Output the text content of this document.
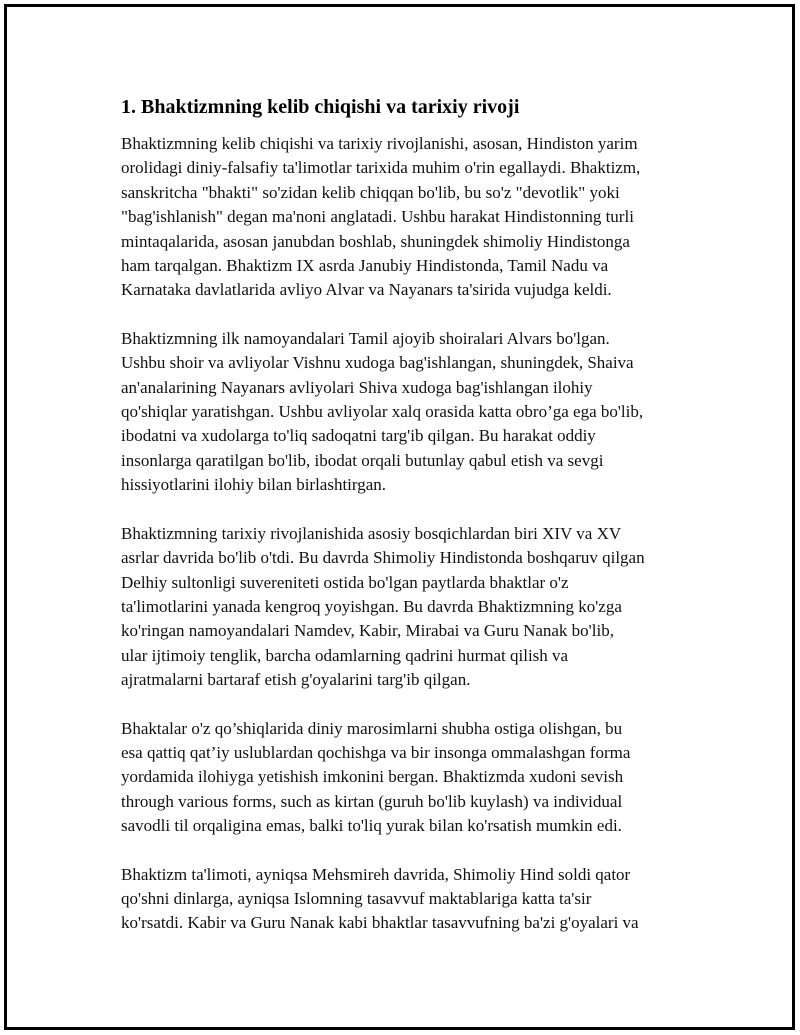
1. Bhaktizmning kelib chiqishi va tarixiy rivoji

Bhaktizmning kelib chiqishi va tarixiy rivojlanishi, asosan, Hindiston yarim
orolidagi diniy-falsafiy ta'limotlar tarixida muhim o'rin egallaydi. Bhaktizm,
sanskritcha "bhakti" so'zidan kelib chiqqan bo'lib, bu so'z "devotlik" yoki
"bag'ishlanish" degan ma'noni anglatadi. Ushbu harakat Hindistonning turli
mintaqalarida, asosan janubdan boshlab, shuningdek shimoliy Hindistonga
ham tarqalgan. Bhaktizm IX asrda Janubiy Hindistonda, Tamil Nadu va
Karnataka davlatlarida avliyo Alvar va Nayanars ta'sirida vujudga keldi.

Bhaktizmning ilk namoyandalari Tamil ajoyib shoiralari Alvars bo'lgan.
Ushbu shoir va avliyolar Vishnu xudoga bag'ishlangan, shuningdek, Shaiva
an'analarining Nayanars avliyolari Shiva xudoga bag'ishlangan ilohiy
qo'shiqlar yaratishgan. Ushbu avliyolar xalq orasida katta obro’ga ega bo'lib,
ibodatni va xudolarga to'liq sadoqatni targ'ib qilgan. Bu harakat oddiy
insonlarga qaratilgan bo'lib, ibodat orqali butunlay qabul etish va sevgi
hissiyotlarini ilohiy bilan birlashtirgan.

Bhaktizmning tarixiy rivojlanishida asosiy bosqichlardan biri XIV va XV
asrlar davrida bo'lib o'tdi. Bu davrda Shimoliy Hindistonda boshqaruv qilgan
Delhiy sultonligi suvereniteti ostida bo'lgan paytlarda bhaktlar o'z
ta'limotlarini yanada kengroq yoyishgan. Bu davrda Bhaktizmning ko'zga
ko'ringan namoyandalari Namdev, Kabir, Mirabai va Guru Nanak bo'lib,
ular ijtimoiy tenglik, barcha odamlarning qadrini hurmat qilish va
ajratmalarni bartaraf etish g'oyalarini targ'ib qilgan.

Bhaktalar o'z qo’shiqlarida diniy marosimlarni shubha ostiga olishgan, bu
esa qattiq qat’iy uslublardan qochishga va bir insonga ommalashgan forma
yordamida ilohiyga yetishish imkonini bergan. Bhaktizmda xudoni sevish
through various forms, such as kirtan (guruh bo'lib kuylash) va individual
savodli til orqaligina emas, balki to'liq yurak bilan ko'rsatish mumkin edi.

Bhaktizm ta'limoti, ayniqsa Mehsmireh davrida, Shimoliy Hind soldi qator
qo'shni dinlarga, ayniqsa Islomning tasavvuf maktablariga katta ta'sir
ko'rsatdi. Kabir va Guru Nanak kabi bhaktlar tasavvufning ba'zi g'oyalari va
